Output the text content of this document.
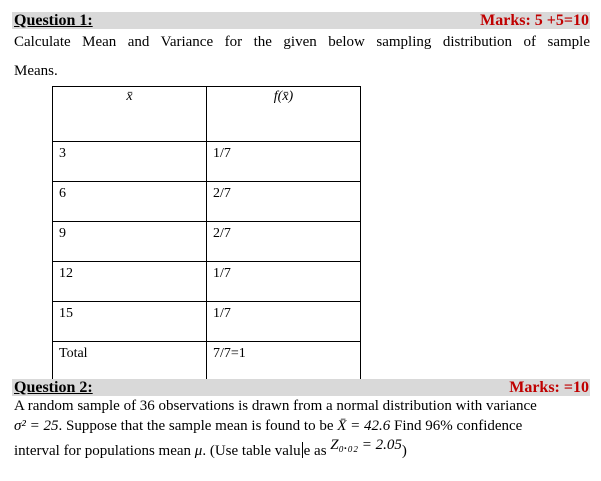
Question 1:	Marks: 5 +5=10
Calculate Mean and Variance for the given below sampling distribution of sample
Means.
x̄	f(x̄)
3	1/7
6	2/7
9	2/7
12	1/7
15	1/7
Total	7/7=1
Question 2:	Marks: =10
A random sample of 36 observations is drawn from a normal distribution with variance
σ² = 25. Suppose that the sample mean is found to be X̄ = 42.6 Find 96% confidence
interval for populations mean μ. (Use table valu e as Z₀.₀₂ = 2.05)
